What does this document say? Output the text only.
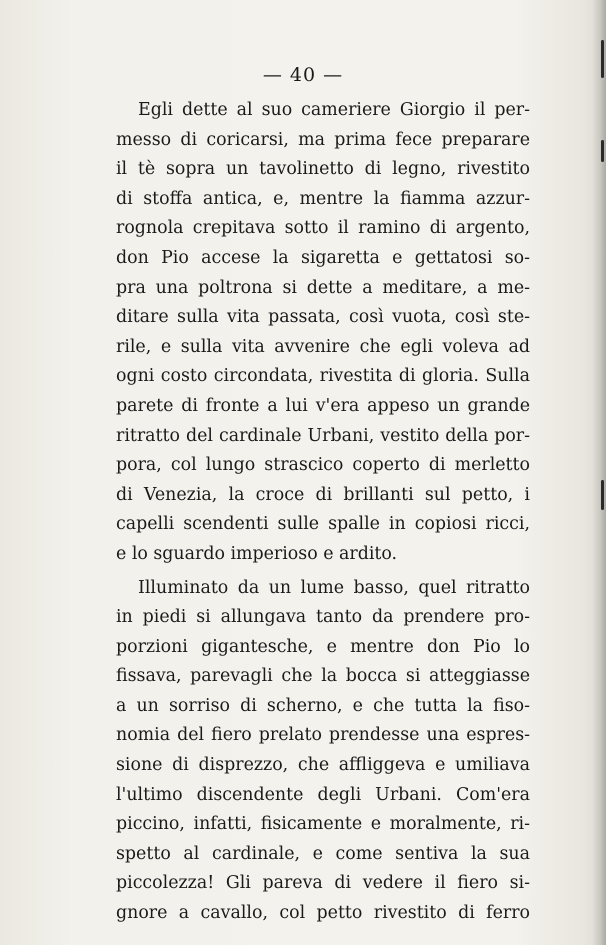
— 40 —
Egli dette al suo cameriere Giorgio il per-
messo di coricarsi, ma prima fece preparare
il tè sopra un tavolinetto di legno, rivestito
di stoffa antica, e, mentre la fiamma azzur-
rognola crepitava sotto il ramino di argento,
don Pio accese la sigaretta e gettatosi so-
pra una poltrona si dette a meditare, a me-
ditare sulla vita passata, così vuota, così ste-
rile, e sulla vita avvenire che egli voleva ad
ogni costo circondata, rivestita di gloria. Sulla
parete di fronte a lui v'era appeso un grande
ritratto del cardinale Urbani, vestito della por-
pora, col lungo strascico coperto di merletto
di Venezia, la croce di brillanti sul petto, i
capelli scendenti sulle spalle in copiosi ricci,
e lo sguardo imperioso e ardito.
Illuminato da un lume basso, quel ritratto
in piedi si allungava tanto da prendere pro-
porzioni gigantesche, e mentre don Pio lo
fissava, parevagli che la bocca si atteggiasse
a un sorriso di scherno, e che tutta la fiso-
nomia del fiero prelato prendesse una espres-
sione di disprezzo, che affliggeva e umiliava
l'ultimo discendente degli Urbani. Com'era
piccino, infatti, fisicamente e moralmente, ri-
spetto al cardinale, e come sentiva la sua
piccolezza! Gli pareva di vedere il fiero si-
gnore a cavallo, col petto rivestito di ferro
